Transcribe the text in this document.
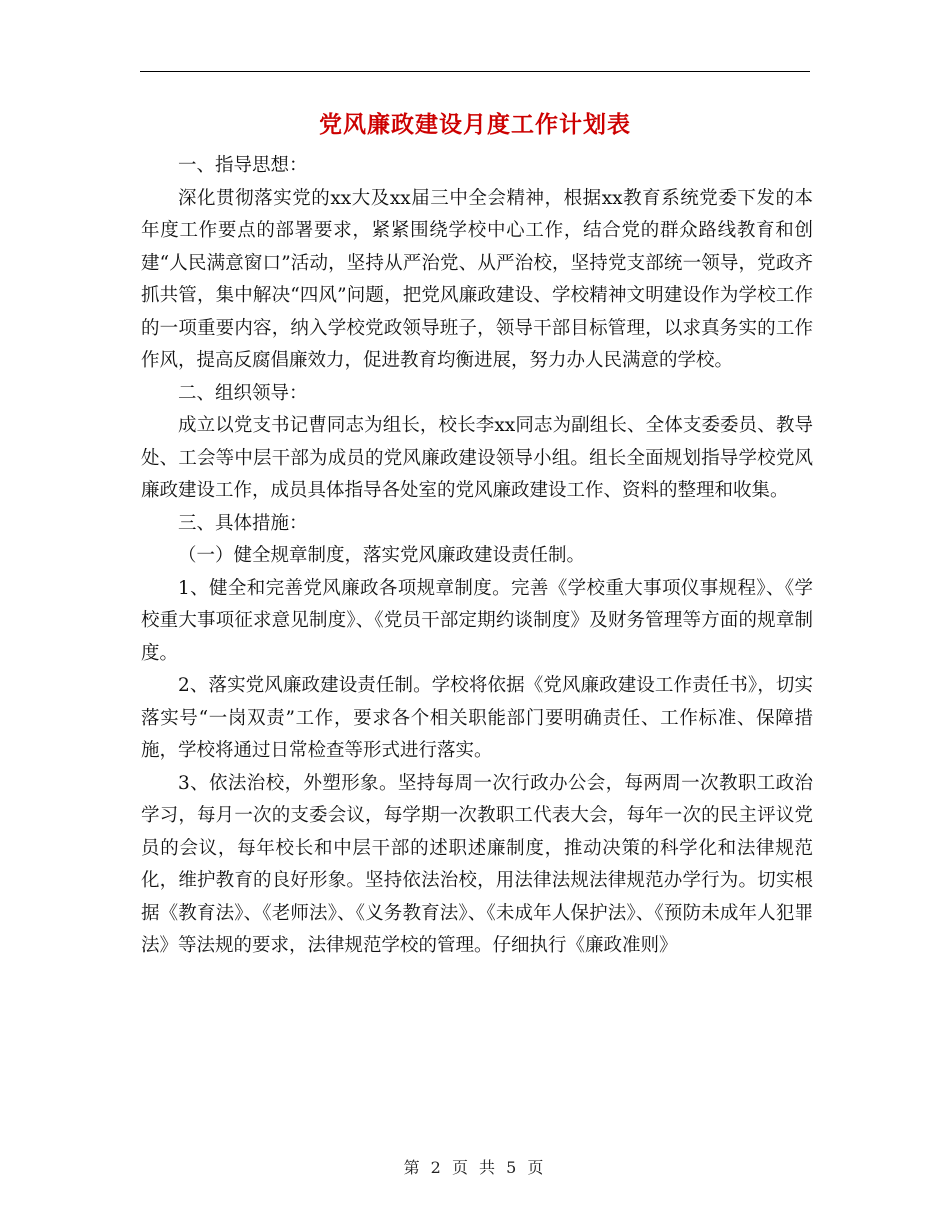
党风廉政建设月度工作计划表

一、指导思想：

深化贯彻落实党的xx大及xx届三中全会精神，根据xx教育系统党委下发的本年度工作要点的部署要求，紧紧围绕学校中心工作，结合党的群众路线教育和创建“人民满意窗口”活动，坚持从严治党、从严治校，坚持党支部统一领导，党政齐抓共管，集中解决“四风”问题，把党风廉政建设、学校精神文明建设作为学校工作的一项重要内容，纳入学校党政领导班子，领导干部目标管理，以求真务实的工作作风，提高反腐倡廉效力，促进教育均衡进展，努力办人民满意的学校。

二、组织领导：

成立以党支书记曹同志为组长，校长李xx同志为副组长、全体支委委员、教导处、工会等中层干部为成员的党风廉政建设领导小组。组长全面规划指导学校党风廉政建设工作，成员具体指导各处室的党风廉政建设工作、资料的整理和收集。

三、具体措施：

（一）健全规章制度，落实党风廉政建设责任制。

1、健全和完善党风廉政各项规章制度。完善《学校重大事项仪事规程》、《学校重大事项征求意见制度》、《党员干部定期约谈制度》及财务管理等方面的规章制度。

2、落实党风廉政建设责任制。学校将依据《党风廉政建设工作责任书》，切实落实号“一岗双责”工作，要求各个相关职能部门要明确责任、工作标准、保障措施，学校将通过日常检查等形式进行落实。

3、依法治校，外塑形象。坚持每周一次行政办公会，每两周一次教职工政治学习，每月一次的支委会议，每学期一次教职工代表大会，每年一次的民主评议党员的会议，每年校长和中层干部的述职述廉制度，推动决策的科学化和法律规范化，维护教育的良好形象。坚持依法治校，用法律法规法律规范办学行为。切实根据《教育法》、《老师法》、《义务教育法》、《未成年人保护法》、《预防未成年人犯罪法》等法规的要求，法律规范学校的管理。仔细执行《廉政准则》

第 2 页 共 5 页
